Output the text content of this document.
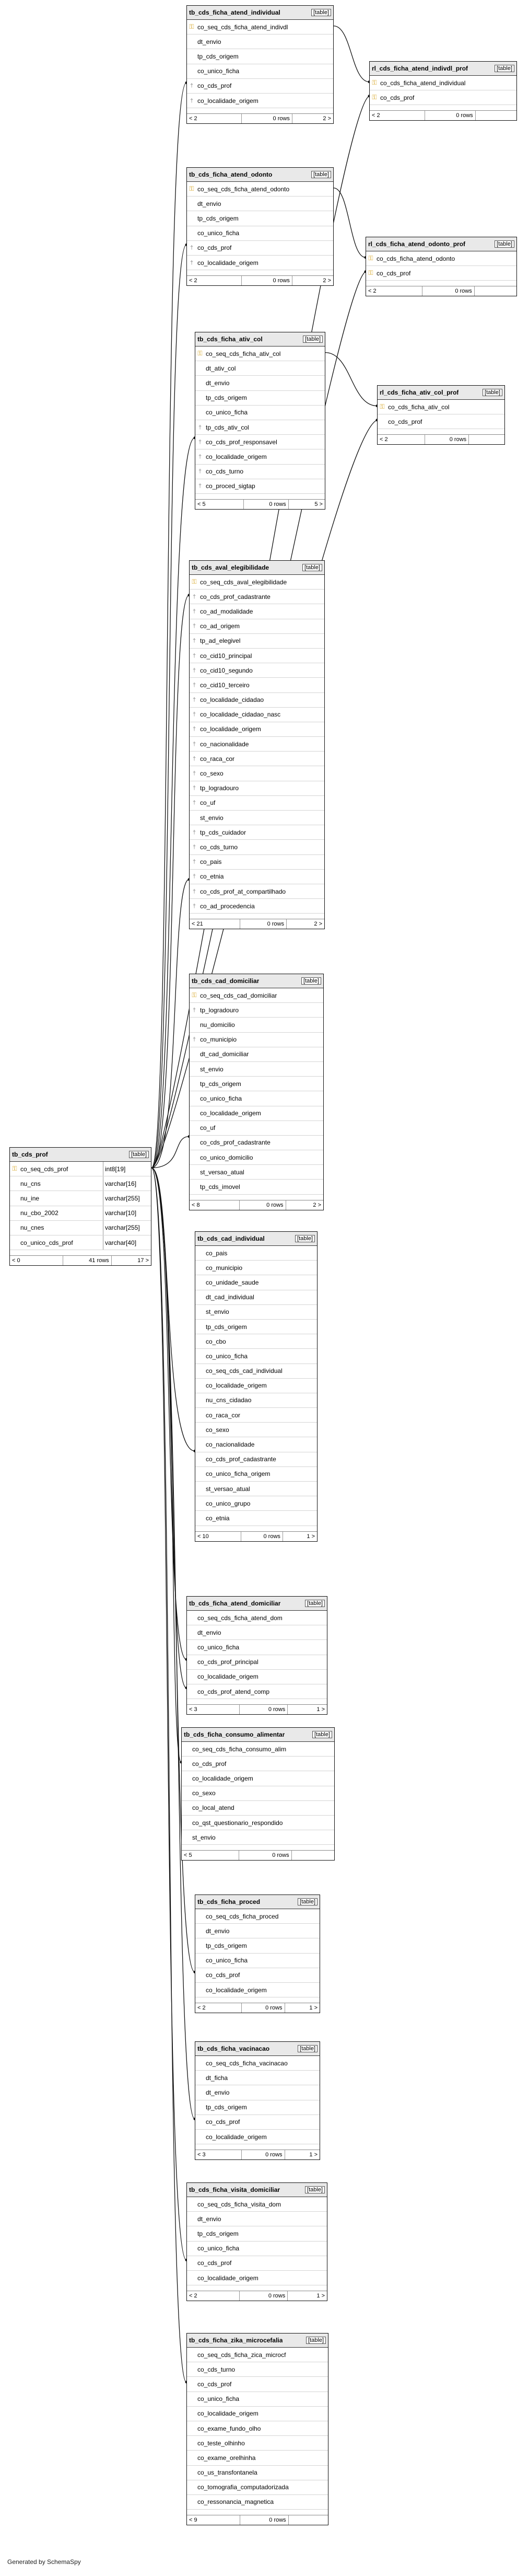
tb_cds_prof	[table]
⚿ co_seq_cds_prof	int8[19]
nu_cns	varchar[16]
nu_ine	varchar[255]
nu_cbo_2002	varchar[10]
nu_cnes	varchar[255]
co_unico_cds_prof	varchar[40]
< 0	41 rows	17 >
tb_cds_ficha_atend_individual	[table]
⚿ co_seq_cds_ficha_atend_indivdl
dt_envio
tp_cds_origem
co_unico_ficha
† co_cds_prof
† co_localidade_origem
< 2	0 rows	2 >
rl_cds_ficha_atend_indivdl_prof	[table]
⚿ co_cds_ficha_atend_individual
⚿ co_cds_prof
< 2	0 rows
tb_cds_ficha_atend_odonto	[table]
⚿ co_seq_cds_ficha_atend_odonto
dt_envio
tp_cds_origem
co_unico_ficha
† co_cds_prof
† co_localidade_origem
< 2	0 rows	2 >
rl_cds_ficha_atend_odonto_prof	[table]
⚿ co_cds_ficha_atend_odonto
⚿ co_cds_prof
< 2	0 rows
tb_cds_ficha_ativ_col	[table]
⚿ co_seq_cds_ficha_ativ_col
dt_ativ_col
dt_envio
tp_cds_origem
co_unico_ficha
† tp_cds_ativ_col
† co_cds_prof_responsavel
† co_localidade_origem
† co_cds_turno
† co_proced_sigtap
< 5	0 rows	5 >
rl_cds_ficha_ativ_col_prof	[table]
⚿ co_cds_ficha_ativ_col
co_cds_prof
< 2	0 rows
tb_cds_aval_elegibilidade	[table]
⚿ co_seq_cds_aval_elegibilidade
† co_cds_prof_cadastrante
† co_ad_modalidade
† co_ad_origem
† tp_ad_elegivel
† co_cid10_principal
† co_cid10_segundo
† co_cid10_terceiro
† co_localidade_cidadao
† co_localidade_cidadao_nasc
† co_localidade_origem
† co_nacionalidade
† co_raca_cor
† co_sexo
† tp_logradouro
† co_uf
st_envio
† tp_cds_cuidador
† co_cds_turno
† co_pais
† co_etnia
† co_cds_prof_at_compartilhado
† co_ad_procedencia
< 21	0 rows	2 >
tb_cds_cad_domiciliar	[table]
⚿ co_seq_cds_cad_domiciliar
† tp_logradouro
nu_domicilio
† co_municipio
dt_cad_domiciliar
st_envio
tp_cds_origem
co_unico_ficha
co_localidade_origem
co_uf
co_cds_prof_cadastrante
co_unico_domicilio
st_versao_atual
tp_cds_imovel
< 8	0 rows	2 >
tb_cds_cad_individual	[table]
co_pais
co_municipio
co_unidade_saude
dt_cad_individual
st_envio
tp_cds_origem
co_cbo
co_unico_ficha
co_seq_cds_cad_individual
co_localidade_origem
nu_cns_cidadao
co_raca_cor
co_sexo
co_nacionalidade
co_cds_prof_cadastrante
co_unico_ficha_origem
st_versao_atual
co_unico_grupo
co_etnia
< 10	0 rows	1 >
tb_cds_ficha_atend_domiciliar	[table]
co_seq_cds_ficha_atend_dom
dt_envio
co_unico_ficha
co_cds_prof_principal
co_localidade_origem
co_cds_prof_atend_comp
< 3	0 rows	1 >
tb_cds_ficha_consumo_alimentar	[table]
co_seq_cds_ficha_consumo_alim
co_cds_prof
co_localidade_origem
co_sexo
co_local_atend
co_qst_questionario_respondido
st_envio
< 5	0 rows
tb_cds_ficha_proced	[table]
co_seq_cds_ficha_proced
dt_envio
tp_cds_origem
co_unico_ficha
co_cds_prof
co_localidade_origem
< 2	0 rows	1 >
tb_cds_ficha_vacinacao	[table]
co_seq_cds_ficha_vacinacao
dt_ficha
dt_envio
tp_cds_origem
co_cds_prof
co_localidade_origem
< 3	0 rows	1 >
tb_cds_ficha_visita_domiciliar	[table]
co_seq_cds_ficha_visita_dom
dt_envio
tp_cds_origem
co_unico_ficha
co_cds_prof
co_localidade_origem
< 2	0 rows	1 >
tb_cds_ficha_zika_microcefalia	[table]
co_seq_cds_ficha_zica_microcf
co_cds_turno
co_cds_prof
co_unico_ficha
co_localidade_origem
co_exame_fundo_olho
co_teste_olhinho
co_exame_orelhinha
co_us_transfontanela
co_tomografia_computadorizada
co_ressonancia_magnetica
< 9	0 rows
Generated by SchemaSpy
